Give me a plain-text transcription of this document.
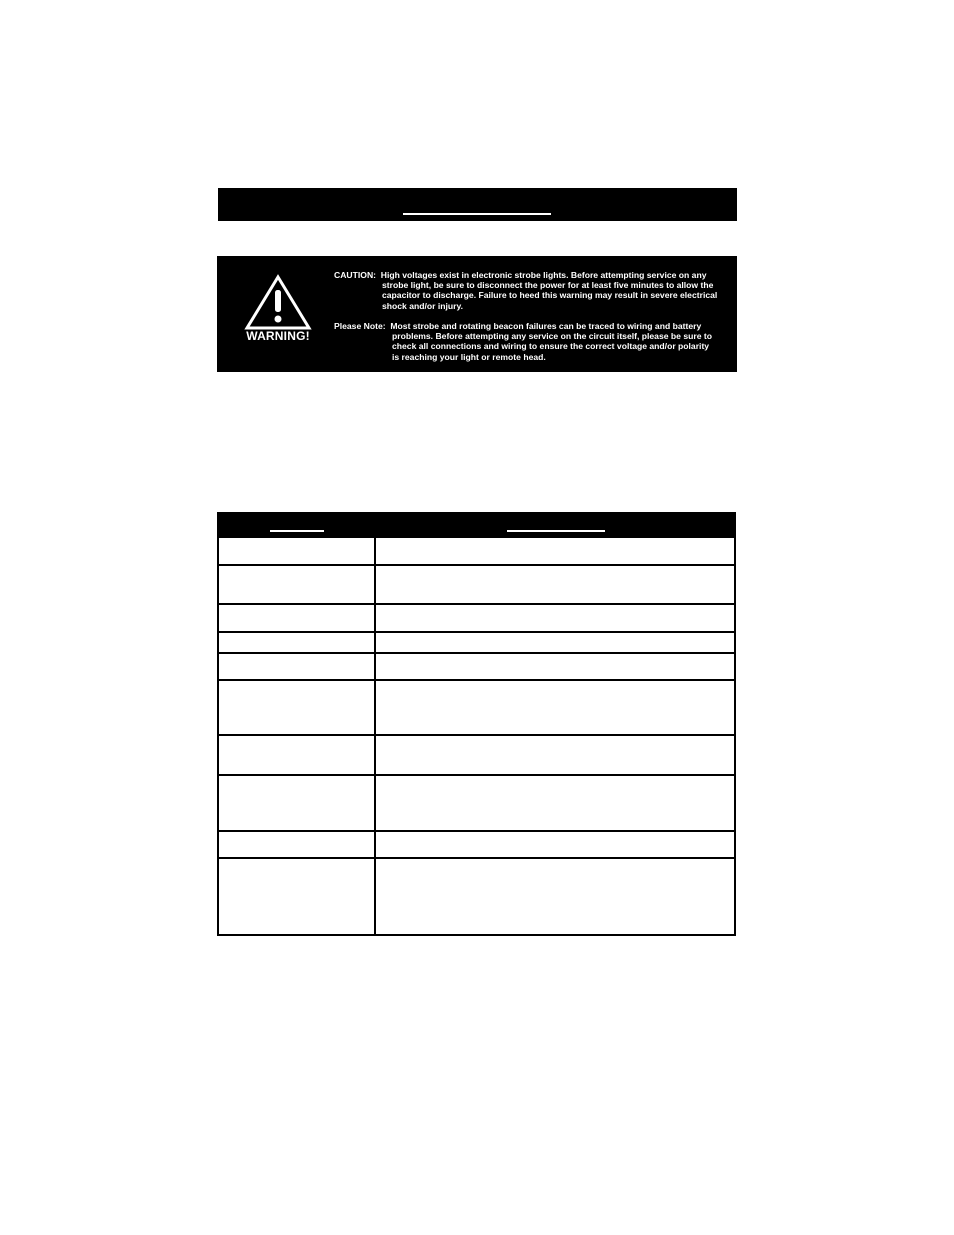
WARNING!
CAUTION: High voltages exist in electronic strobe lights. Before attempting service on any
strobe light, be sure to disconnect the power for at least five minutes to allow the
capacitor to discharge. Failure to heed this warning may result in severe electrical
shock and/or injury.
Please Note: Most strobe and rotating beacon failures can be traced to wiring and battery
problems. Before attempting any service on the circuit itself, please be sure to
check all connections and wiring to ensure the correct voltage and/or polarity
is reaching your light or remote head.
